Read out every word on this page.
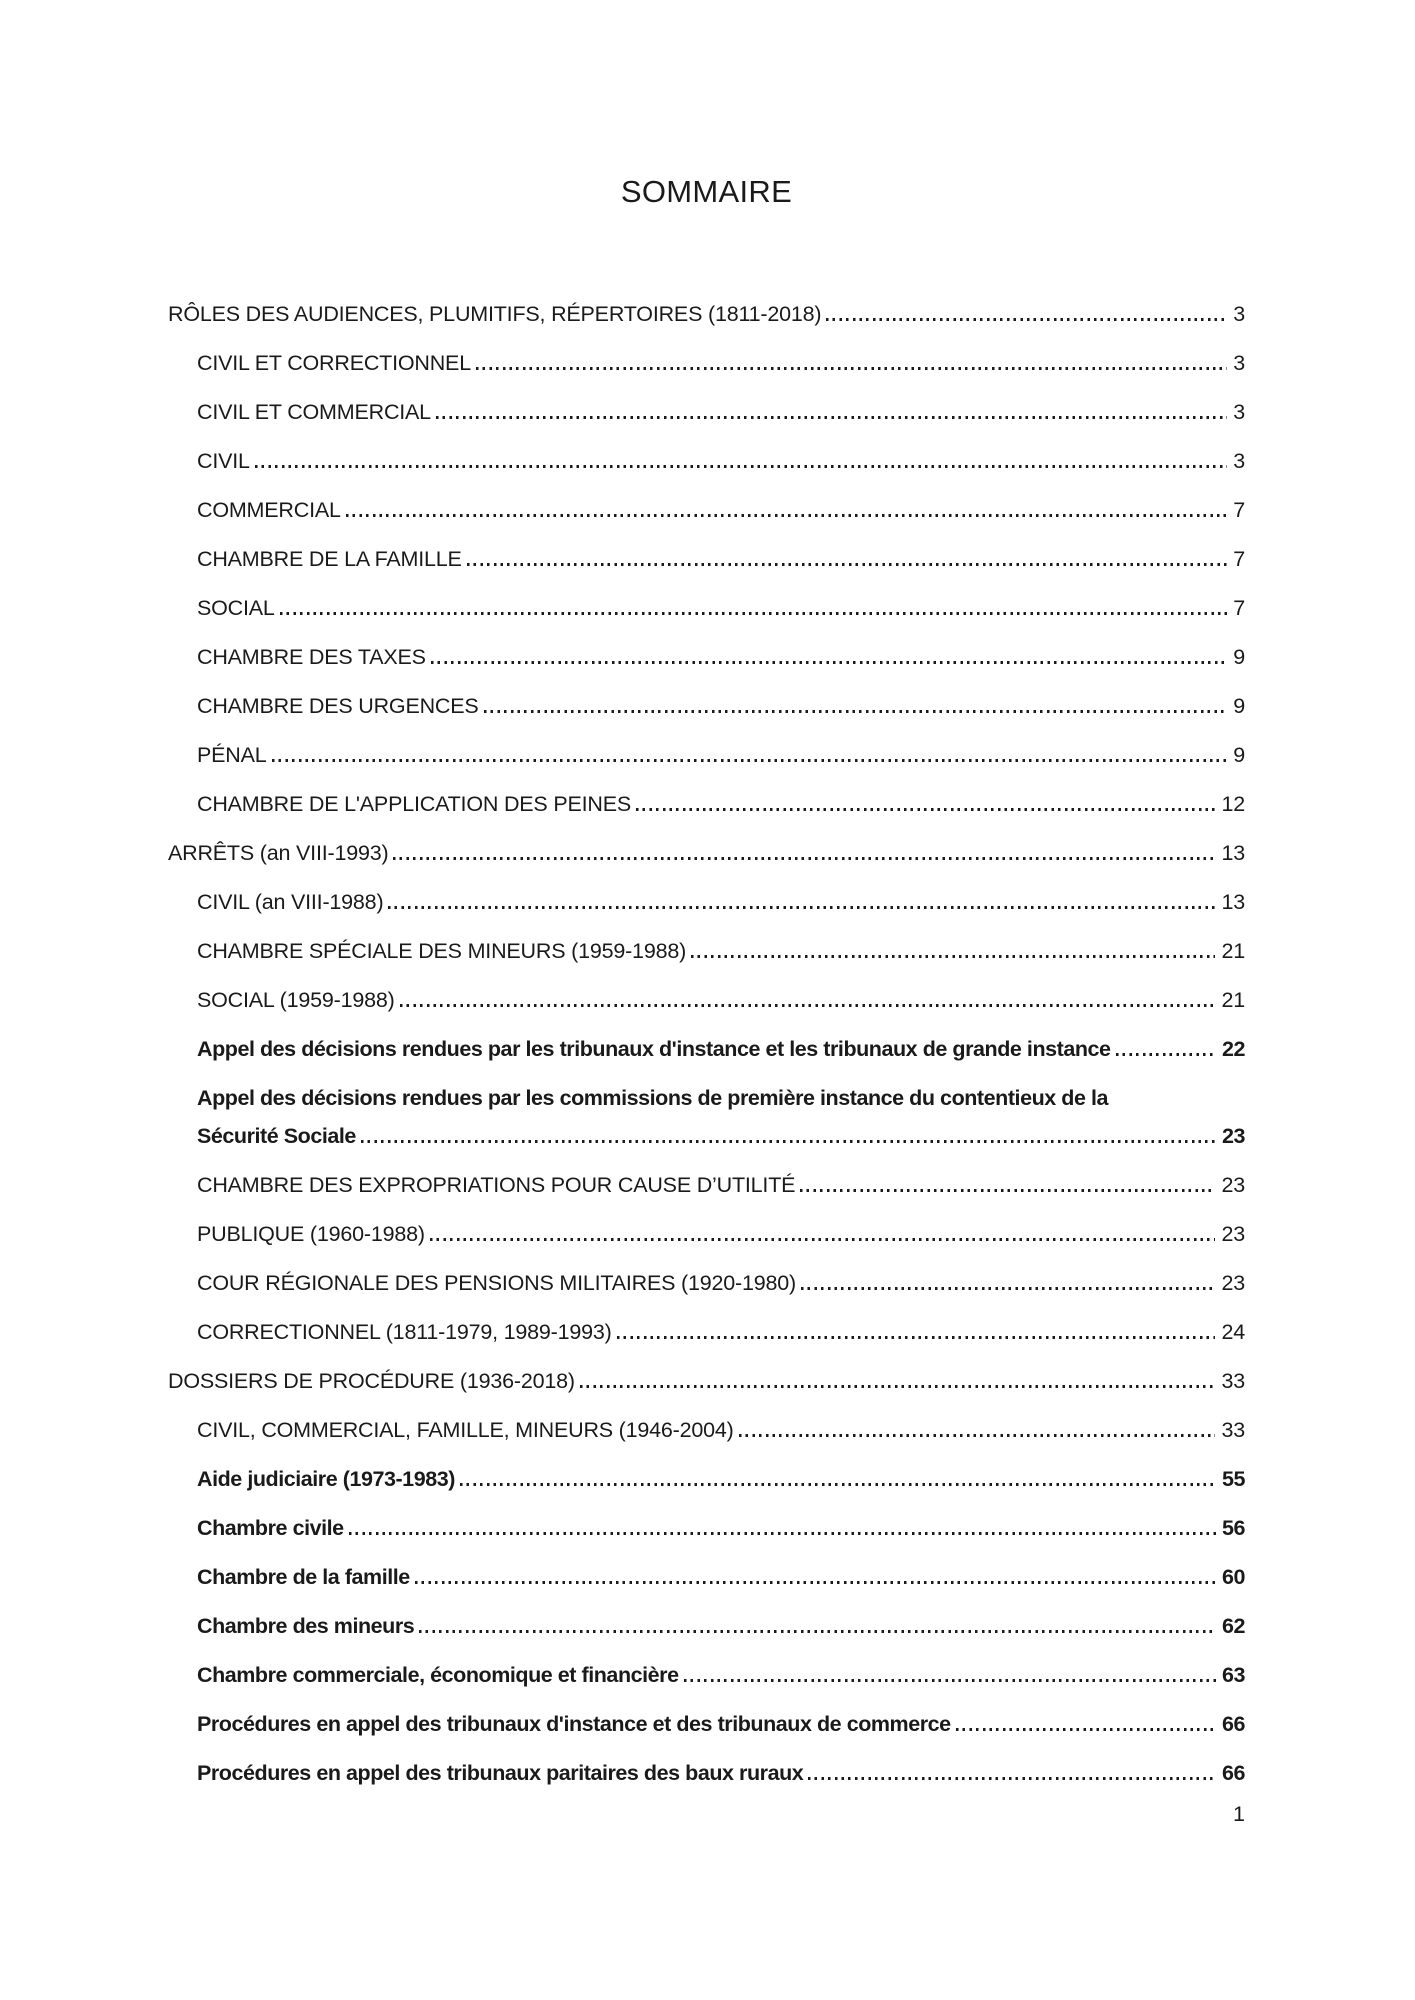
SOMMAIRE
RÔLES DES AUDIENCES, PLUMITIFS, RÉPERTOIRES (1811-2018)	3
CIVIL ET CORRECTIONNEL	3
CIVIL ET COMMERCIAL	3
CIVIL	3
COMMERCIAL	7
CHAMBRE DE LA FAMILLE	7
SOCIAL	7
CHAMBRE DES TAXES	9
CHAMBRE DES URGENCES	9
PÉNAL	9
CHAMBRE DE L'APPLICATION DES PEINES	12
ARRÊTS (an VIII-1993)	13
CIVIL (an VIII-1988)	13
CHAMBRE SPÉCIALE DES MINEURS (1959-1988)	21
SOCIAL (1959-1988)	21
Appel des décisions rendues par les tribunaux d'instance et les tribunaux de grande instance	22
Appel des décisions rendues par les commissions de première instance du contentieux de la
Sécurité Sociale	23
CHAMBRE DES EXPROPRIATIONS POUR CAUSE D’UTILITÉ	23
PUBLIQUE (1960-1988)	23
COUR RÉGIONALE DES PENSIONS MILITAIRES (1920-1980)	23
CORRECTIONNEL (1811-1979, 1989-1993)	24
DOSSIERS DE PROCÉDURE (1936-2018)	33
CIVIL, COMMERCIAL, FAMILLE, MINEURS (1946-2004)	33
Aide judiciaire (1973-1983)	55
Chambre civile	56
Chambre de la famille	60
Chambre des mineurs	62
Chambre commerciale, économique et financière	63
Procédures en appel des tribunaux d'instance et des tribunaux de commerce	66
Procédures en appel des tribunaux paritaires des baux ruraux	66
1
